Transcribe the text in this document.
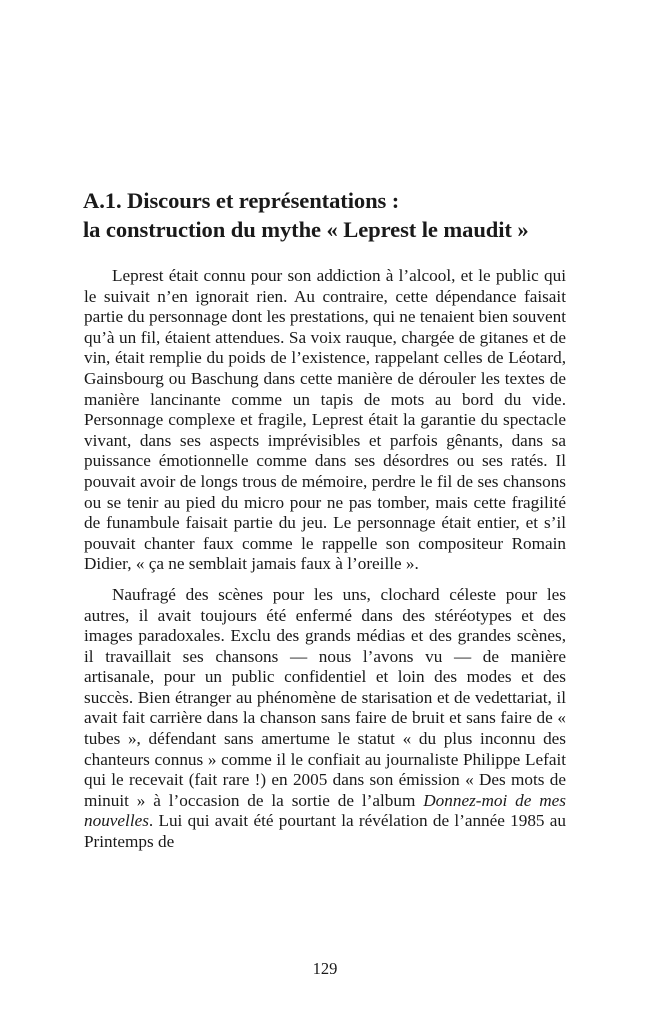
A.1. Discours et représentations :
la construction du mythe « Leprest le maudit »

Leprest était connu pour son addiction à l’alcool, et le public qui le suivait n’en ignorait rien. Au contraire, cette dépendance faisait partie du personnage dont les prestations, qui ne tenaient bien souvent qu’à un fil, étaient attendues. Sa voix rauque, chargée de gitanes et de vin, était remplie du poids de l’existence, rappelant celles de Léotard, Gainsbourg ou Baschung dans cette manière de dérouler les textes de manière lancinante comme un tapis de mots au bord du vide. Personnage complexe et fragile, Leprest était la garantie du spectacle vivant, dans ses aspects imprévisibles et parfois gênants, dans sa puissance émotionnelle comme dans ses désordres ou ses ratés. Il pouvait avoir de longs trous de mémoire, perdre le fil de ses chansons ou se tenir au pied du micro pour ne pas tomber, mais cette fragilité de funambule faisait partie du jeu. Le personnage était entier, et s’il pouvait chanter faux comme le rappelle son compositeur Romain Didier, « ça ne semblait jamais faux à l’oreille ».

Naufragé des scènes pour les uns, clochard céleste pour les autres, il avait toujours été enfermé dans des stéréotypes et des images paradoxales. Exclu des grands médias et des grandes scènes, il travaillait ses chansons — nous l’avons vu — de manière artisanale, pour un public confidentiel et loin des modes et des succès. Bien étranger au phénomène de starisation et de vedettariat, il avait fait carrière dans la chanson sans faire de bruit et sans faire de « tubes », défendant sans amertume le statut « du plus inconnu des chanteurs connus » comme il le confiait au journaliste Philippe Lefait qui le recevait (fait rare !) en 2005 dans son émission « Des mots de minuit » à l’occasion de la sortie de l’album Donnez-moi de mes nouvelles. Lui qui avait été pourtant la révélation de l’année 1985 au Printemps de

129
